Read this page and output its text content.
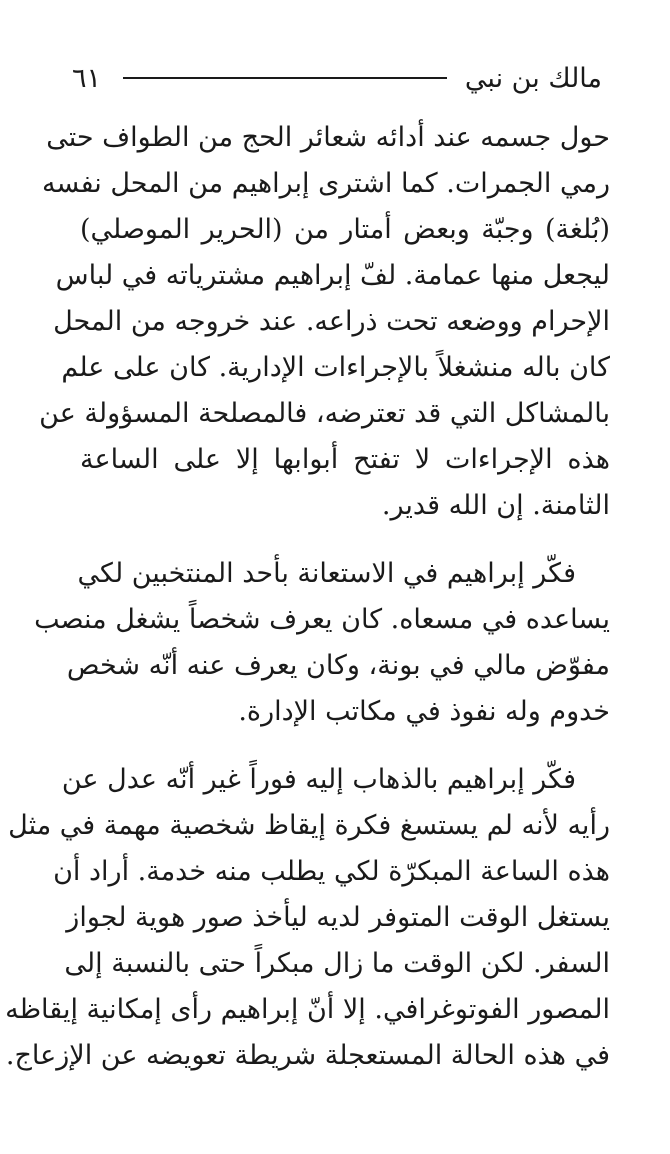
مالك بن نبي
٦١
حول جسمه عند أدائه شعائر الحج من الطواف حتى
رمي الجمرات. كما اشترى إبراهيم من المحل نفسه
(بُلغة) وجبّة وبعض أمتار من (الحرير الموصلي)
ليجعل منها عمامة. لفّ إبراهيم مشترياته في لباس
الإحرام ووضعه تحت ذراعه. عند خروجه من المحل
كان باله منشغلاً بالإجراءات الإدارية. كان على علم
بالمشاكل التي قد تعترضه، فالمصلحة المسؤولة عن
هذه الإجراءات لا تفتح أبوابها إلا على الساعة
الثامنة. إن الله قدير.
فكّر إبراهيم في الاستعانة بأحد المنتخبين لكي
يساعده في مسعاه. كان يعرف شخصاً يشغل منصب
مفوّض مالي في بونة، وكان يعرف عنه أنّه شخص
خدوم وله نفوذ في مكاتب الإدارة.
فكّر إبراهيم بالذهاب إليه فوراً غير أنّه عدل عن
رأيه لأنه لم يستسغ فكرة إيقاظ شخصية مهمة في مثل
هذه الساعة المبكرّة لكي يطلب منه خدمة. أراد أن
يستغل الوقت المتوفر لديه ليأخذ صور هوية لجواز
السفر. لكن الوقت ما زال مبكراً حتى بالنسبة إلى
المصور الفوتوغرافي. إلا أنّ إبراهيم رأى إمكانية إيقاظه
في هذه الحالة المستعجلة شريطة تعويضه عن الإزعاج.
